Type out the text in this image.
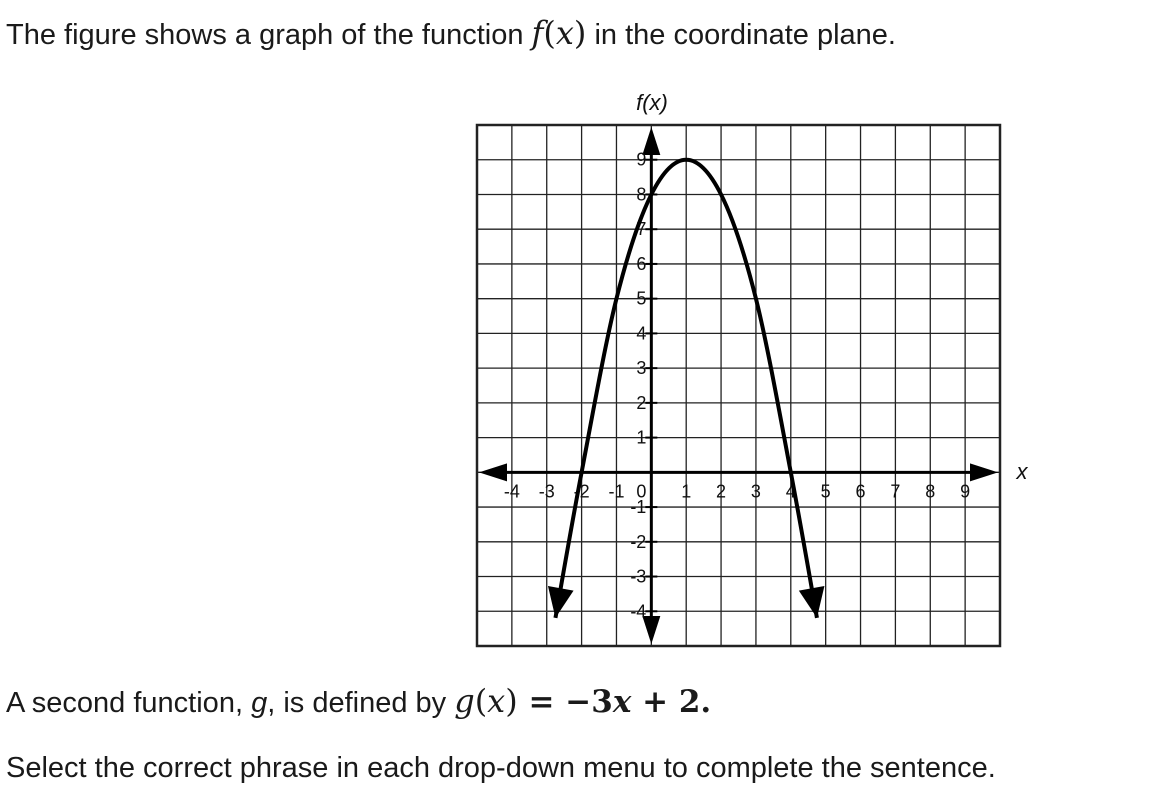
The figure shows a graph of the function f(x) in the coordinate plane.
-4 -3 -2 -1 0 1 2 3 4 5 6 7 8 9
9
8
7
6
5
4
3
2
1
-1
-2
-3
-4
f(x)
x
A second function, g, is defined by g(x) = −3x + 2.
Select the correct phrase in each drop-down menu to complete the sentence.
